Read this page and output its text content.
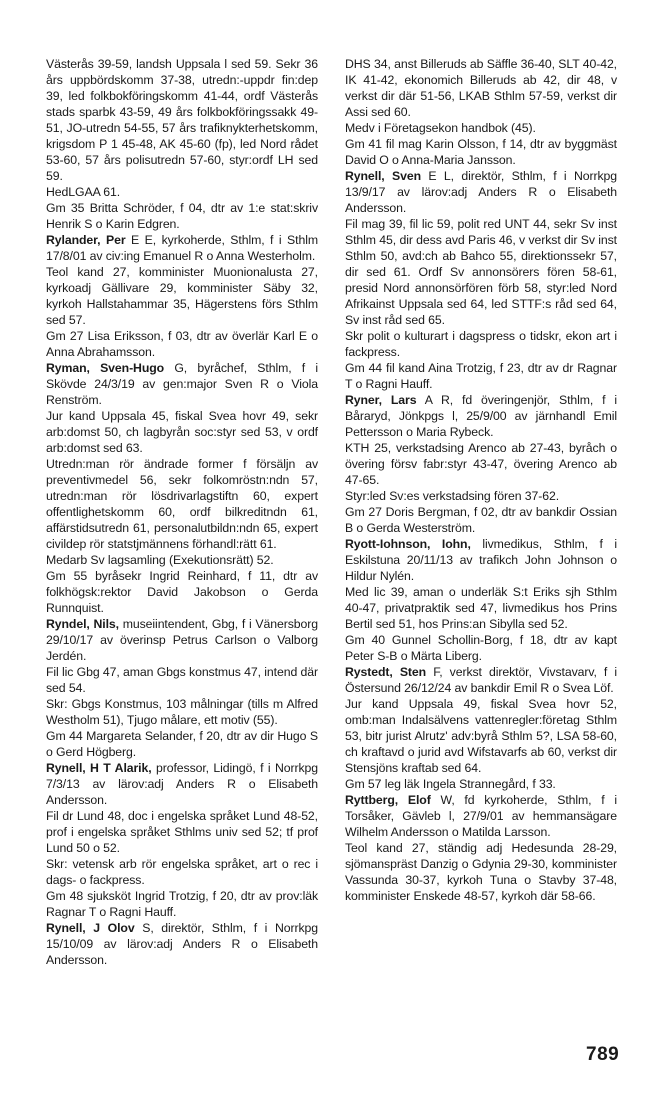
Västerås 39-59, landsh Uppsala l sed 59. Sekr 36 års uppbördskomm 37-38, utredn:-uppdr fin:dep 39, led folkbokföringskomm 41-44, ordf Västerås stads sparbk 43-59, 49 års folkbokföringssakk 49-51, JO-utredn 54-55, 57 års trafiknykterhetskomm, krigsdom P 1 45-48, AK 45-60 (fp), led Nord rådet 53-60, 57 års polisutredn 57-60, styr:ordf LH sed 59.

HedLGAA 61.

Gm 35 Britta Schröder, f 04, dtr av 1:e stat:skriv Henrik S o Karin Edgren.

Rylander, Per E E, kyrkoherde, Sthlm, f i Sthlm 17/8/01 av civ:ing Emanuel R o Anna Westerholm.

Teol kand 27, komminister Muonionalusta 27, kyrkoadj Gällivare 29, komminister Säby 32, kyrkoh Hallstahammar 35, Hägerstens förs Sthlm sed 57.

Gm 27 Lisa Eriksson, f 03, dtr av överlär Karl E o Anna Abrahamsson.

Ryman, Sven-Hugo G, byråchef, Sthlm, f i Skövde 24/3/19 av gen:major Sven R o Viola Renström.

Jur kand Uppsala 45, fiskal Svea hovr 49, sekr arb:domst 50, ch lagbyrån soc:styr sed 53, v ordf arb:domst sed 63.

Utredn:man rör ändrade former f försäljn av preventivmedel 56, sekr folkomröstn:ndn 57, utredn:man rör lösdrivarlagstiftn 60, expert offentlighetskomm 60, ordf bilkreditndn 61, affärstidsutredn 61, personalutbildn:ndn 65, expert civildep rör statstjmännens förhandl:rätt 61.

Medarb Sv lagsamling (Exekutionsrätt) 52.

Gm 55 byråsekr Ingrid Reinhard, f 11, dtr av folkhögsk:rektor David Jakobson o Gerda Runnquist.

Ryndel, Nils, museiintendent, Gbg, f i Vänersborg 29/10/17 av överinsp Petrus Carlson o Valborg Jerdén.

Fil lic Gbg 47, aman Gbgs konstmus 47, intend där sed 54.

Skr: Gbgs Konstmus, 103 målningar (tills m Alfred Westholm 51), Tjugo målare, ett motiv (55).

Gm 44 Margareta Selander, f 20, dtr av dir Hugo S o Gerd Högberg.

Rynell, H T Alarik, professor, Lidingö, f i Norrkpg 7/3/13 av lärov:adj Anders R o Elisabeth Andersson.

Fil dr Lund 48, doc i engelska språket Lund 48-52, prof i engelska språket Sthlms univ sed 52; tf prof Lund 50 o 52.

Skr: vetensk arb rör engelska språket, art o rec i dags- o fackpress.

Gm 48 sjuksköt Ingrid Trotzig, f 20, dtr av prov:läk Ragnar T o Ragni Hauff.

Rynell, J Olov S, direktör, Sthlm, f i Norrkpg 15/10/09 av lärov:adj Anders R o Elisabeth Andersson.

DHS 34, anst Billeruds ab Säffle 36-40, SLT 40-42, IK 41-42, ekonomich Billeruds ab 42, dir 48, v verkst dir där 51-56, LKAB Sthlm 57-59, verkst dir Assi sed 60.

Medv i Företagsekon handbok (45).

Gm 41 fil mag Karin Olsson, f 14, dtr av byggmäst David O o Anna-Maria Jansson.

Rynell, Sven E L, direktör, Sthlm, f i Norrkpg 13/9/17 av lärov:adj Anders R o Elisabeth Andersson.

Fil mag 39, fil lic 59, polit red UNT 44, sekr Sv inst Sthlm 45, dir dess avd Paris 46, v verkst dir Sv inst Sthlm 50, avd:ch ab Bahco 55, direktionssekr 57, dir sed 61. Ordf Sv annonsörers fören 58-61, presid Nord annonsörfören förb 58, styr:led Nord Afrikainst Uppsala sed 64, led STTF:s råd sed 64, Sv inst råd sed 65.

Skr polit o kulturart i dagspress o tidskr, ekon art i fackpress.

Gm 44 fil kand Aina Trotzig, f 23, dtr av dr Ragnar T o Ragni Hauff.

Ryner, Lars A R, fd överingenjör, Sthlm, f i Båraryd, Jönkpgs l, 25/9/00 av järnhandl Emil Pettersson o Maria Rybeck.

KTH 25, verkstadsing Arenco ab 27-43, byråch o övering försv fabr:styr 43-47, övering Arenco ab 47-65.

Styr:led Sv:es verkstadsing fören 37-62.

Gm 27 Doris Bergman, f 02, dtr av bankdir Ossian B o Gerda Westerström.

Ryott-Iohnson, Iohn, livmedikus, Sthlm, f i Eskilstuna 20/11/13 av trafikch John Johnson o Hildur Nylén.

Med lic 39, aman o underläk S:t Eriks sjh Sthlm 40-47, privatpraktik sed 47, livmedikus hos Prins Bertil sed 51, hos Prins:an Sibylla sed 52.

Gm 40 Gunnel Schollin-Borg, f 18, dtr av kapt Peter S-B o Märta Liberg.

Rystedt, Sten F, verkst direktör, Vivstavarv, f i Östersund 26/12/24 av bankdir Emil R o Svea Löf.

Jur kand Uppsala 49, fiskal Svea hovr 52, omb:man Indalsälvens vattenregler:företag Sthlm 53, bitr jurist Alrutz' adv:byrå Sthlm 5?, LSA 58-60, ch kraftavd o jurid avd Wifstavarfs ab 60, verkst dir Stensjöns kraftab sed 64.

Gm 57 leg läk Ingela Strannegård, f 33.

Ryttberg, Elof W, fd kyrkoherde, Sthlm, f i Torsåker, Gävleb l, 27/9/01 av hemmansägare Wilhelm Andersson o Matilda Larsson.

Teol kand 27, ständig adj Hedesunda 28-29, sjömanspräst Danzig o Gdynia 29-30, komminister Vassunda 30-37, kyrkoh Tuna o Stavby 37-48, komminister Enskede 48-57, kyrkoh där 58-66.

789
